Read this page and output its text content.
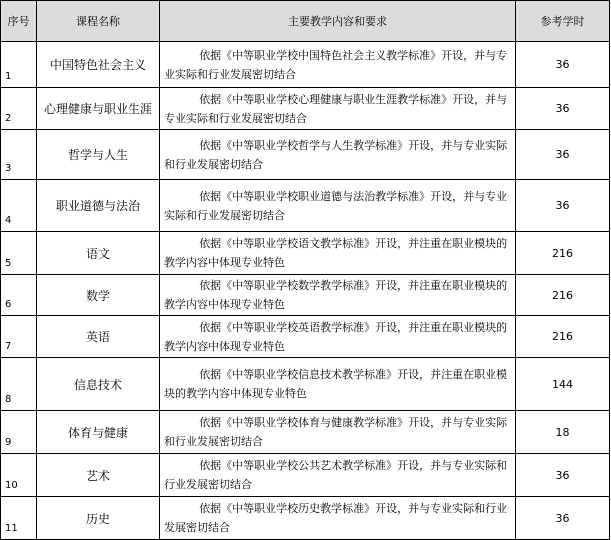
序号	课程名称	主要教学内容和要求	参考学时
1	中国特色社会主义	依据《中等职业学校中国特色社会主义教学标准》开设，并与专业实际和行业发展密切结合	36
2	心理健康与职业生涯	依据《中等职业学校心理健康与职业生涯教学标准》开设，并与专业实际和行业发展密切结合	36
3	哲学与人生	依据《中等职业学校哲学与人生教学标准》开设，并与专业实际和行业发展密切结合	36
4	职业道德与法治	依据《中等职业学校职业道德与法治教学标准》开设，并与专业实际和行业发展密切结合	36
5	语文	依据《中等职业学校语文教学标准》开设，并注重在职业模块的教学内容中体现专业特色	216
6	数学	依据《中等职业学校数学教学标准》开设，并注重在职业模块的教学内容中体现专业特色	216
7	英语	依据《中等职业学校英语教学标准》开设，并注重在职业模块的教学内容中体现专业特色	216
8	信息技术	依据《中等职业学校信息技术教学标准》开设，并注重在职业模块的教学内容中体现专业特色	144
9	体育与健康	依据《中等职业学校体育与健康教学标准》开设，并与专业实际和行业发展密切结合	18
10	艺术	依据《中等职业学校公共艺术教学标准》开设，并与专业实际和行业发展密切结合	36
11	历史	依据《中等职业学校历史教学标准》开设，并与专业实际和行业发展密切结合	36
